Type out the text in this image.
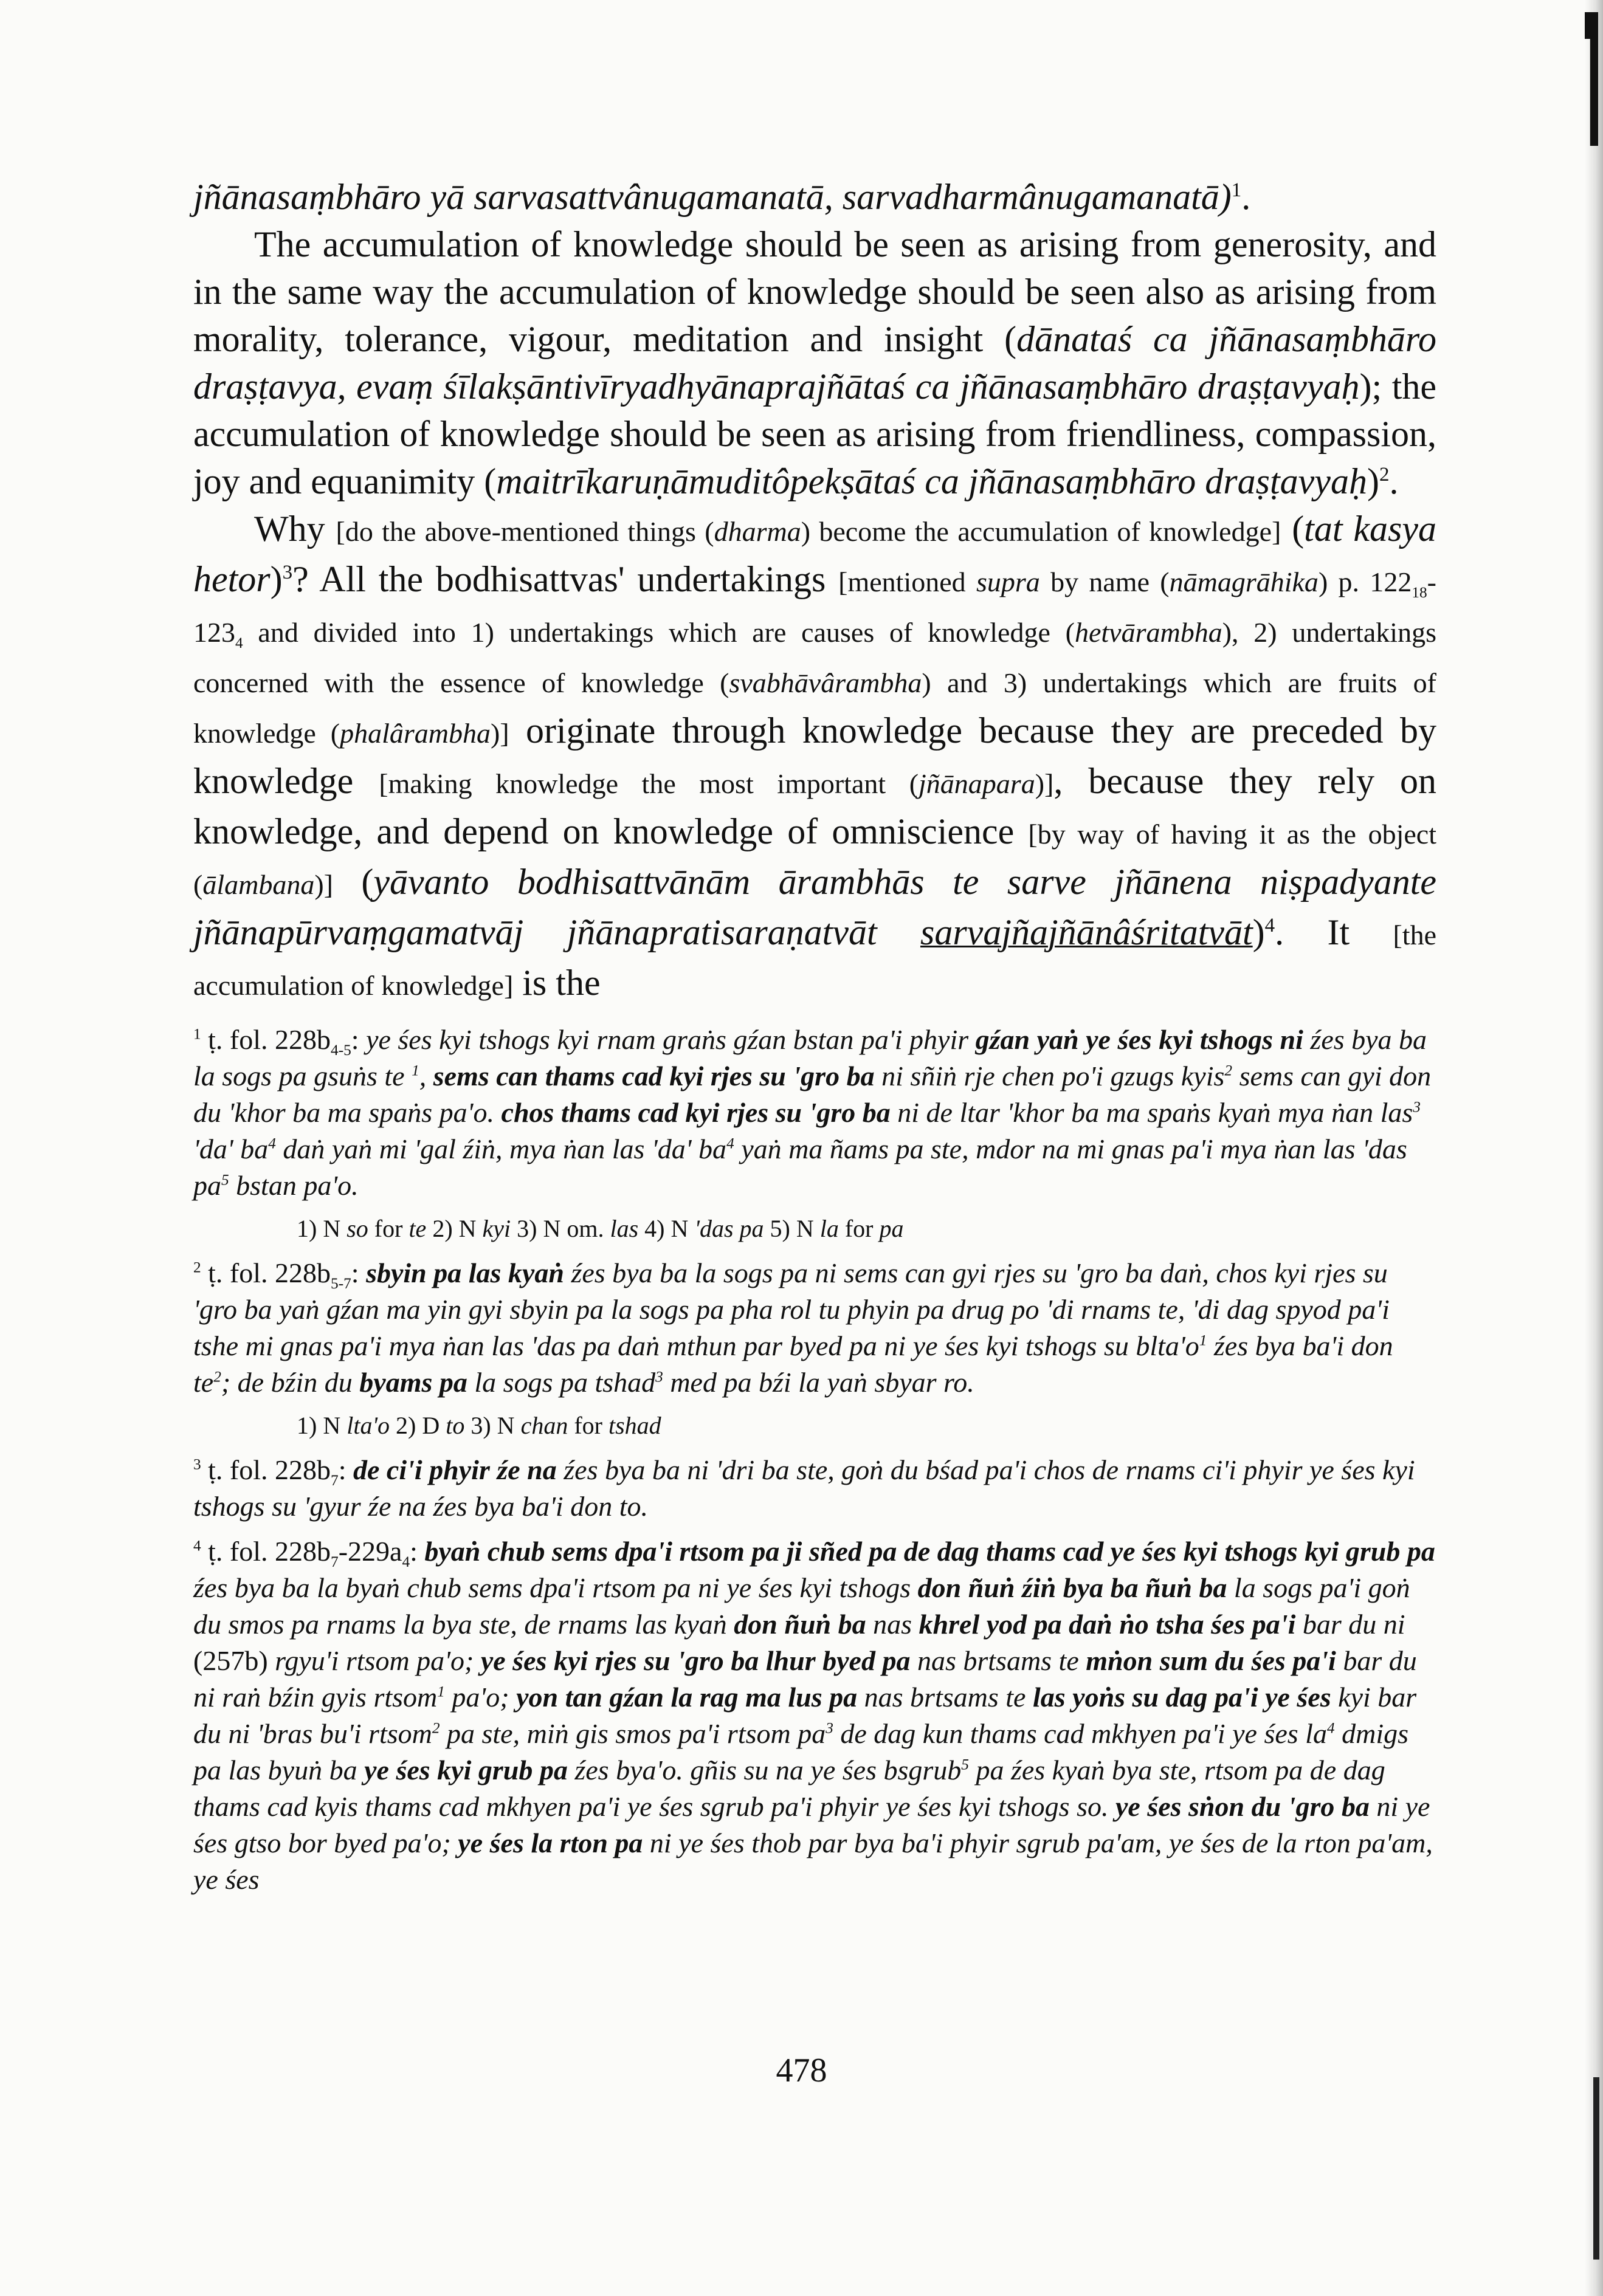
jñānasaṃbhāro yā sarvasattvânugamanatā, sarvadharmânugamanatā)$^1$.

The accumulation of knowledge should be seen as arising from generosity, and in the same way the accumulation of knowledge should be seen also as arising from morality, tolerance, vigour, meditation and insight (dānataś ca jñānasaṃbhāro draṣṭavya, evaṃ śīlakṣāntivīryadhyānaprajñātaś ca jñānasaṃbhāro draṣṭavyaḥ); the accumulation of knowledge should be seen as arising from friendliness, compassion, joy and equanimity (maitrīkaruṇāmuditôpekṣātaś ca jñānasaṃbhāro draṣṭavyaḥ)$^2$.

Why [do the above-mentioned things (dharma) become the accumulation of knowledge] (tat kasya hetor)$^3$? All the bodhisattvas' undertakings [mentioned supra by name (nāmagrāhika) p. $122_{18}-123_4$ and divided into 1) undertakings which are causes of knowledge (hetvārambha), 2) undertakings concerned with the essence of knowledge (svabhāvârambha) and 3) undertakings which are fruits of knowledge (phalârambha)] originate through knowledge because they are preceded by knowledge [making knowledge the most important (jñānapara)], because they rely on knowledge, and depend on knowledge of omniscience [by way of having it as the object (ālambana)] (yāvanto bodhisattvānām ārambhās te sarve jñānena niṣpadyante jñānapūrvaṃgamatvāj jñānapratisaraṇatvāt sarvajñajñānâśritatvāt)$^4$. It [the accumulation of knowledge] is the

$^1$ ṭ. fol. $228b_{4-5}$: ye śes kyi tshogs kyi rnam graṅs gźan bstan pa'i phyir gźan yaṅ ye śes kyi tshogs ni źes bya ba la sogs pa gsuṅs te $^1$, sems can thams cad kyi rjes su 'gro ba ni sñiṅ rje chen po'i gzugs kyis$^2$ sems can gyi don du 'khor ba ma spaṅs pa'o. chos thams cad kyi rjes su 'gro ba ni de ltar 'khor ba ma spaṅs kyaṅ mya ṅan las$^3$ 'da' $ba^4$ daṅ yaṅ mi 'gal źiṅ, mya ṅan las 'da' $ba^4$ yaṅ ma ñams pa ste, mdor na mi gnas pa'i mya ṅan las 'das $pa^5$ bstan pa'o.

1) N so for te 2) N kyi 3) N om. las 4) N 'das pa 5) N la for pa

$^2$ ṭ. fol. $228b_{5-7}$: sbyin pa las kyaṅ źes bya ba la sogs pa ni sems can gyi rjes su 'gro ba daṅ, chos kyi rjes su 'gro ba yaṅ gźan ma yin gyi sbyin pa la sogs pa pha rol tu phyin pa drug po 'di rnams te, 'di dag spyod pa'i tshe mi gnas pa'i mya ṅan las 'das pa daṅ mthun par byed pa ni ye śes kyi tshogs su $blta'o^1$ źes bya ba'i don $te^2$; de bźin du byams pa la sogs pa tshad$^3$ med pa bźi la yaṅ sbyar ro.

1) N lta'o 2) D to 3) N chan for tshad

$^3$ ṭ. fol. $228b_7$: de ci'i phyir źe na źes bya ba ni 'dri ba ste, goṅ du bśad pa'i chos de rnams ci'i phyir ye śes kyi tshogs su 'gyur źe na źes bya ba'i don to.

$^4$ ṭ. fol. $228b_7-229a_4$: byaṅ chub sems dpa'i rtsom pa ji sñed pa de dag thams cad ye śes kyi tshogs kyi grub pa źes bya ba la byaṅ chub sems dpa'i rtsom pa ni ye śes kyi tshogs don ñuṅ źiṅ bya ba ñuṅ ba la sogs pa'i goṅ du smos pa rnams la bya ste, de rnams las kyaṅ don ñuṅ ba nas khrel yod pa daṅ ṅo tsha śes pa'i bar du ni (257b) rgyu'i rtsom pa'o; ye śes kyi rjes su 'gro ba lhur byed pa nas brtsams te mṅon sum du śes pa'i bar du ni raṅ bźin gyis rtsom$^1$ pa'o; yon tan gźan la rag ma lus pa nas brtsams te las yoṅs su dag pa'i ye śes kyi bar du ni 'bras bu'i rtsom$^2$ pa ste, miṅ gis smos pa'i rtsom $pa^3$ de dag kun thams cad mkhyen pa'i ye śes $la^4$ dmigs pa las byuṅ ba ye śes kyi grub pa źes bya'o. gñis su na ye śes bsgrub$^5$ pa źes kyaṅ bya ste, rtsom pa de dag thams cad kyis thams cad mkhyen pa'i ye śes sgrub pa'i phyir ye śes kyi tshogs so. ye śes sṅon du 'gro ba ni ye śes gtso bor byed pa'o; ye śes la rton pa ni ye śes thob par bya ba'i phyir sgrub pa'am, ye śes de la rton pa'am, ye śes

478
